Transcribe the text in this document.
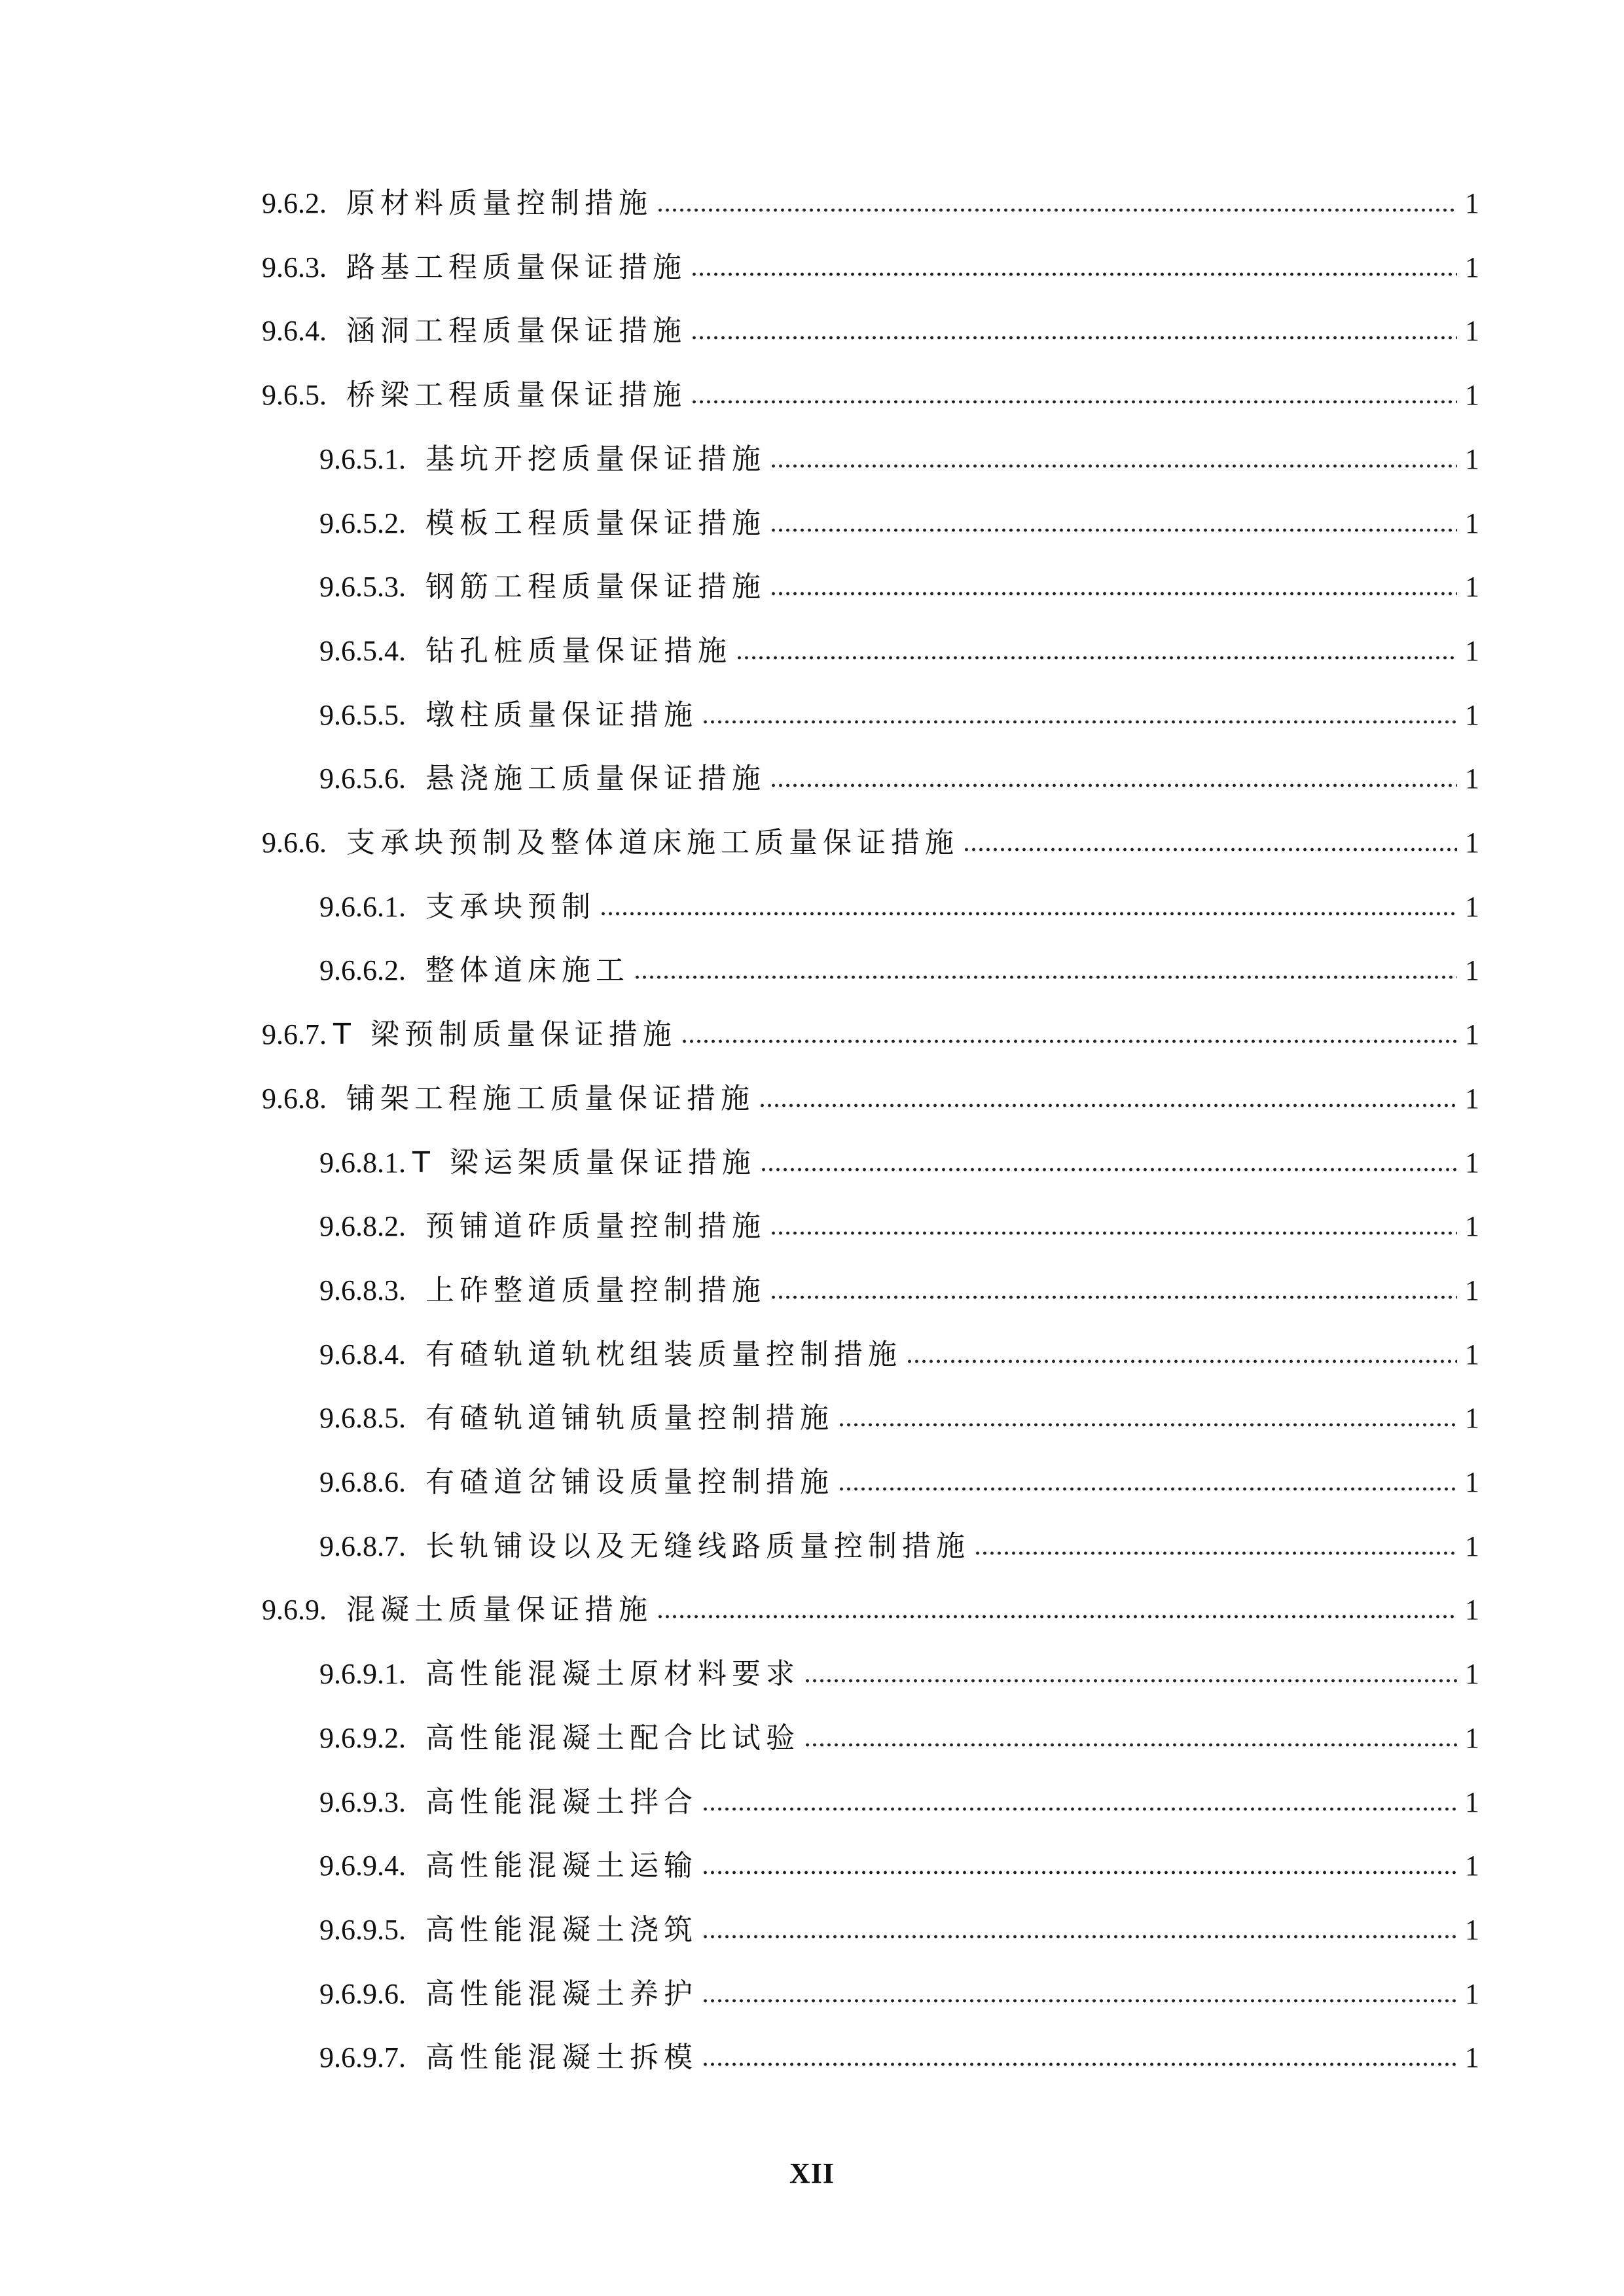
9.6.2. 原材料质量控制措施	1
9.6.3. 路基工程质量保证措施	1
9.6.4. 涵洞工程质量保证措施	1
9.6.5. 桥梁工程质量保证措施	1
9.6.5.1. 基坑开挖质量保证措施	1
9.6.5.2. 模板工程质量保证措施	1
9.6.5.3. 钢筋工程质量保证措施	1
9.6.5.4. 钻孔桩质量保证措施	1
9.6.5.5. 墩柱质量保证措施	1
9.6.5.6. 悬浇施工质量保证措施	1
9.6.6. 支承块预制及整体道床施工质量保证措施	1
9.6.6.1. 支承块预制	1
9.6.6.2. 整体道床施工	1
9.6.7. T 梁预制质量保证措施	1
9.6.8. 铺架工程施工质量保证措施	1
9.6.8.1. T 梁运架质量保证措施	1
9.6.8.2. 预铺道砟质量控制措施	1
9.6.8.3. 上砟整道质量控制措施	1
9.6.8.4. 有碴轨道轨枕组装质量控制措施	1
9.6.8.5. 有碴轨道铺轨质量控制措施	1
9.6.8.6. 有碴道岔铺设质量控制措施	1
9.6.8.7. 长轨铺设以及无缝线路质量控制措施	1
9.6.9. 混凝土质量保证措施	1
9.6.9.1. 高性能混凝土原材料要求	1
9.6.9.2. 高性能混凝土配合比试验	1
9.6.9.3. 高性能混凝土拌合	1
9.6.9.4. 高性能混凝土运输	1
9.6.9.5. 高性能混凝土浇筑	1
9.6.9.6. 高性能混凝土养护	1
9.6.9.7. 高性能混凝土拆模	1
XII
